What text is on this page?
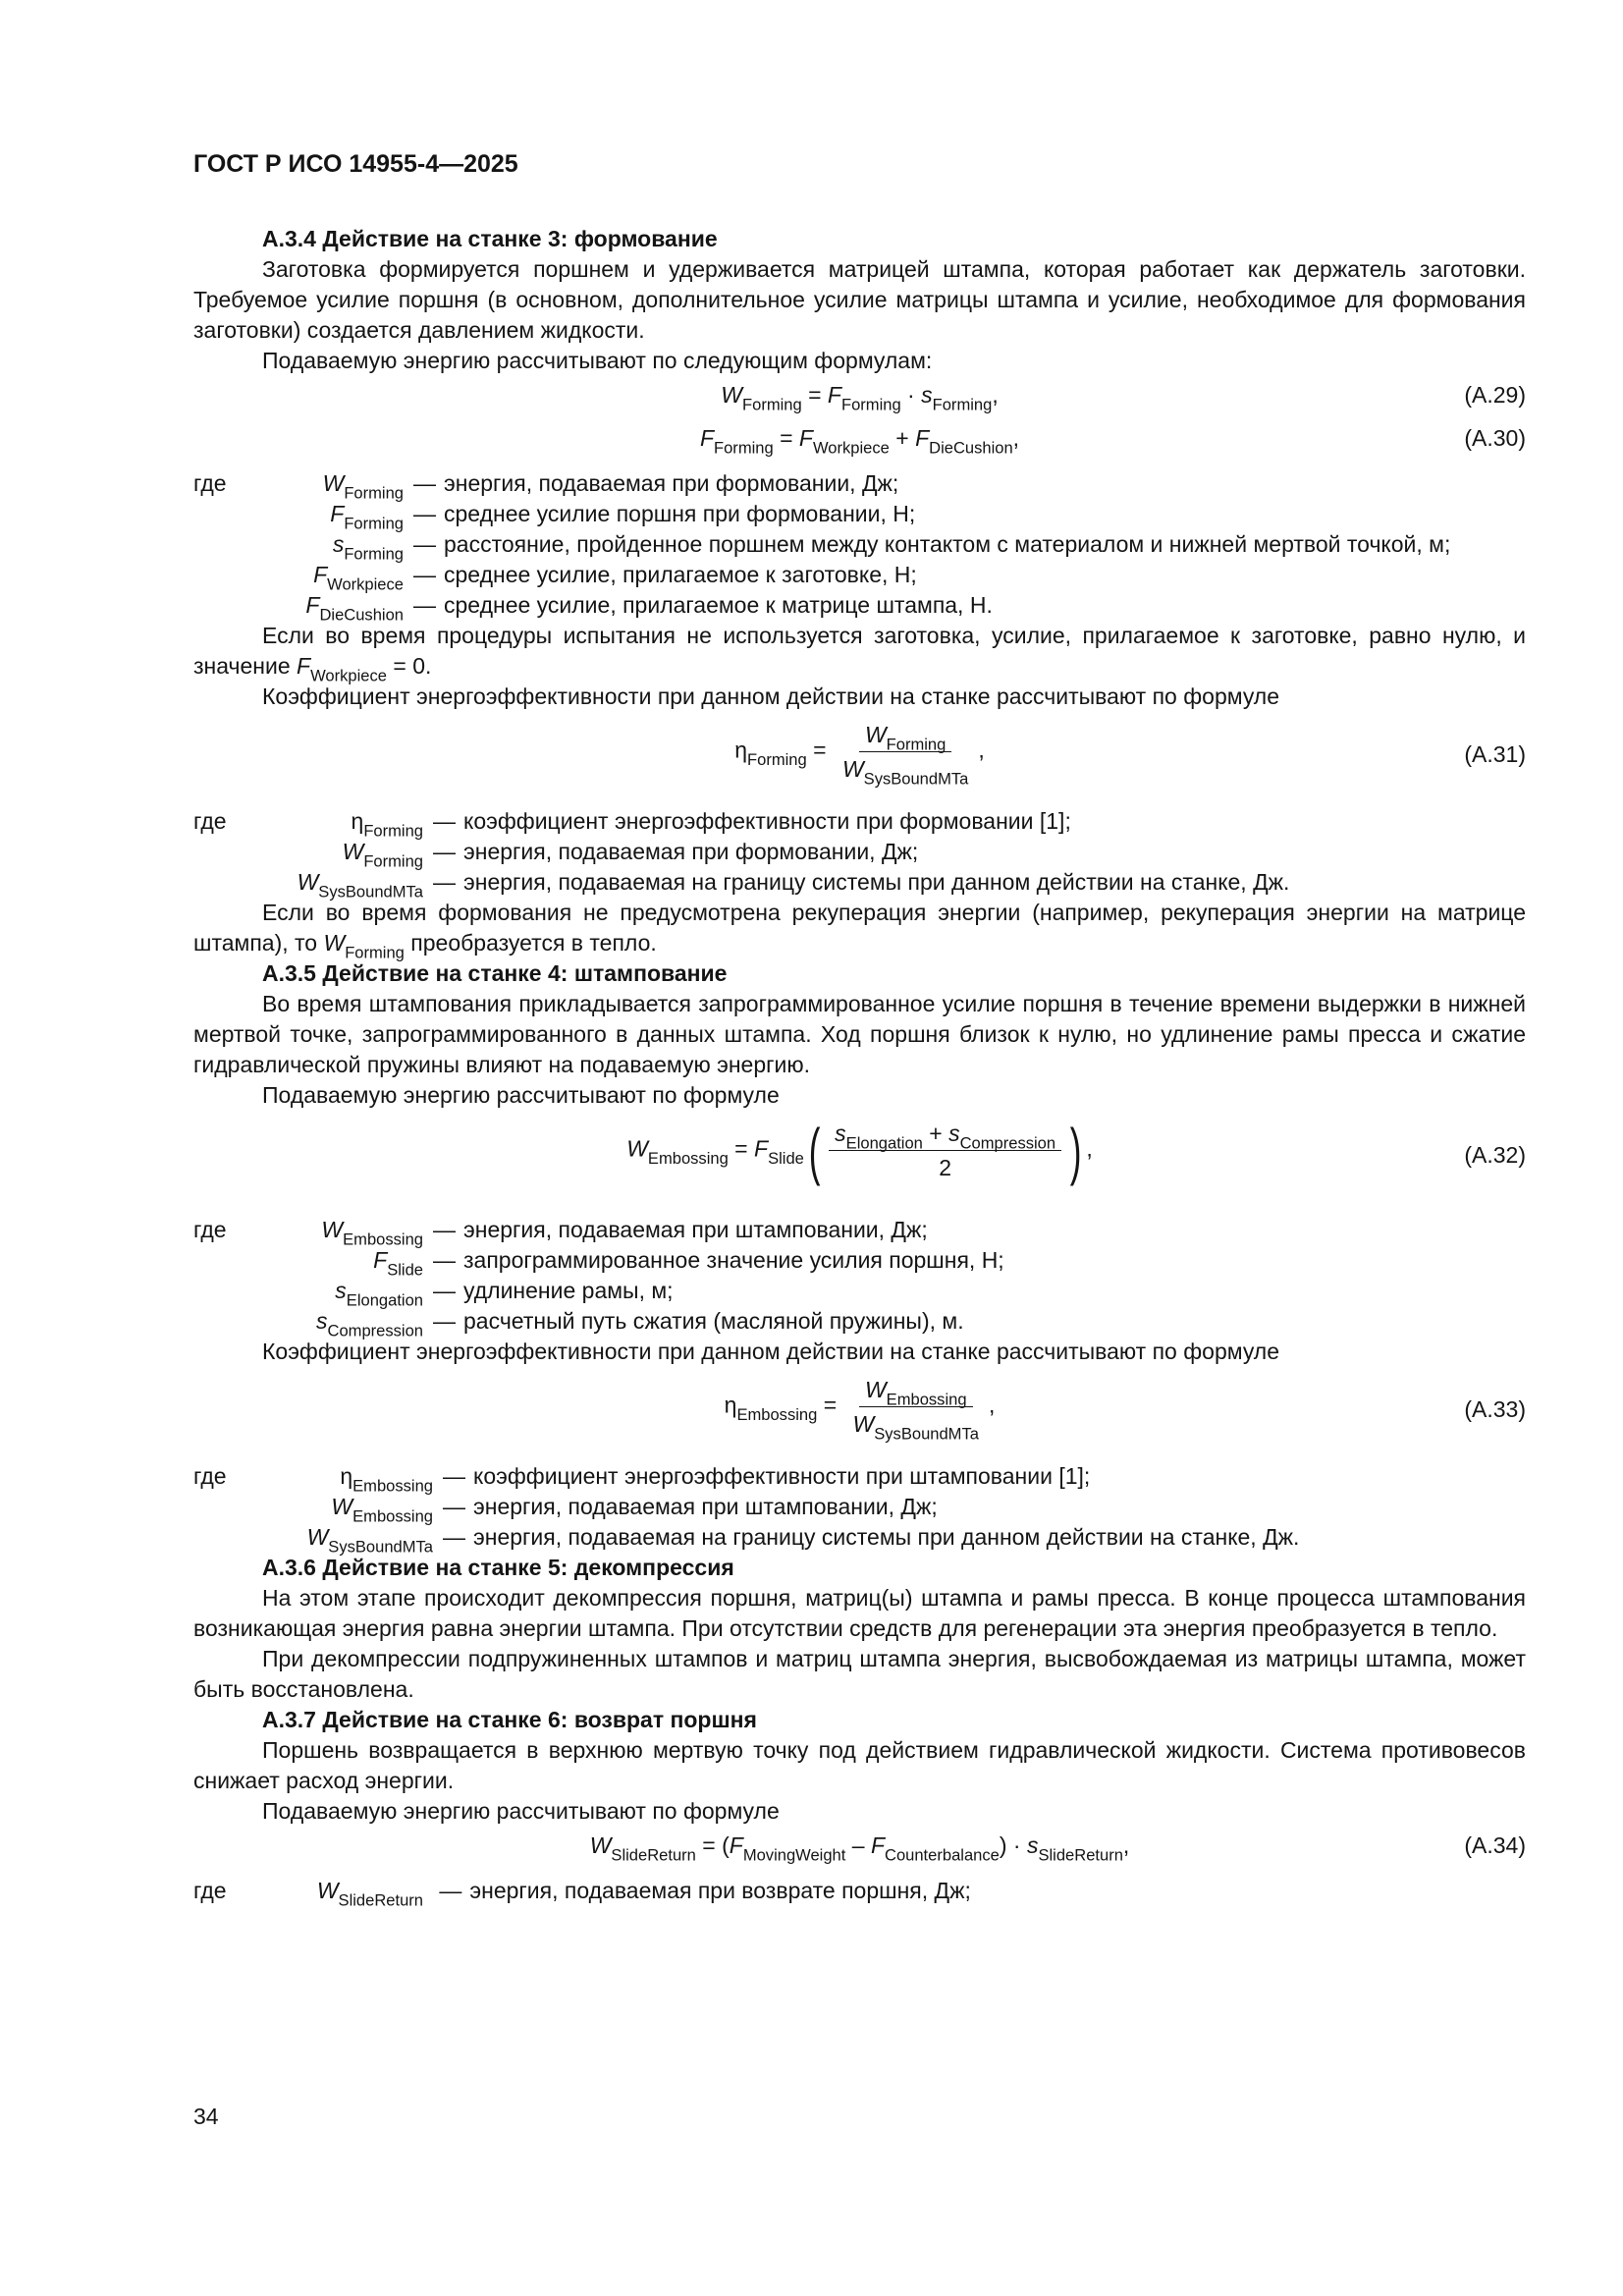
ГОСТ Р ИСО 14955-4—2025
А.3.4 Действие на станке 3: формование

Заготовка формируется поршнем и удерживается матрицей штампа, которая работает как держатель заготовки. Требуемое усилие поршня (в основном, дополнительное усилие матрицы штампа и усилие, необходимое для формования заготовки) создается давлением жидкости.

Подаваемую энергию рассчитывают по следующим формулам:

$W_{Forming} = F_{Forming} \cdot s_{Forming}$,	(А.29)
$F_{Forming} = F_{Workpiece} + F_{DieCushion}$,	(А.30)
где	$W_{Forming}$ — энергия, подаваемая при формовании, Дж;
$F_{Forming}$ — среднее усилие поршня при формовании, Н;
$s_{Forming}$ — расстояние, пройденное поршнем между контактом с материалом и нижней мертвой точкой, м;
$F_{Workpiece}$ — среднее усилие, прилагаемое к заготовке, Н;
$F_{DieCushion}$ — среднее усилие, прилагаемое к матрице штампа, Н.

Если во время процедуры испытания не используется заготовка, усилие, прилагаемое к заготовке, равно нулю, и значение $F_{Workpiece} = 0$.

Коэффициент энергоэффективности при данном действии на станке рассчитывают по формуле

$\eta_{Forming} = \frac{W_{Forming}}{W_{SysBoundMTa}}$ ,	(А.31)
где	$\eta_{Forming}$ — коэффициент энергоэффективности при формовании [1];
$W_{Forming}$ — энергия, подаваемая при формовании, Дж;
$W_{SysBoundMTa}$ — энергия, подаваемая на границу системы при данном действии на станке, Дж.

Если во время формования не предусмотрена рекуперация энергии (например, рекуперация энергии на матрице штампа), то $W_{Forming}$ преобразуется в тепло.

А.3.5 Действие на станке 4: штампование

Во время штампования прикладывается запрограммированное усилие поршня в течение времени выдержки в нижней мертвой точке, запрограммированного в данных штампа. Ход поршня близок к нулю, но удлинение рамы пресса и сжатие гидравлической пружины влияют на подаваемую энергию.

Подаваемую энергию рассчитывают по формуле

$W_{Embossing} = F_{Slide}( \frac{s_{Elongation} + s_{Compression}}{2}$ ) ,	(А.32)
где	$W_{Embossing}$ — энергия, подаваемая при штамповании, Дж;
$F_{Slide}$ — запрограммированное значение усилия поршня, Н;
$s_{Elongation}$ — удлинение рамы, м;
$s_{Compression}$ — расчетный путь сжатия (масляной пружины), м.

Коэффициент энергоэффективности при данном действии на станке рассчитывают по формуле

$\eta_{Embossing} = \frac{W_{Embossing}}{W_{SysBoundMTa}}$ ,	(А.33)
где	$\eta_{Embossing}$ — коэффициент энергоэффективности при штамповании [1];
$W_{Embossing}$ — энергия, подаваемая при штамповании, Дж;
$W_{SysBoundMTa}$ — энергия, подаваемая на границу системы при данном действии на станке, Дж.
А.3.6 Действие на станке 5: декомпрессия

На этом этапе происходит декомпрессия поршня, матриц(ы) штампа и рамы пресса. В конце процесса штампования возникающая энергия равна энергии штампа. При отсутствии средств для регенерации эта энергия преобразуется в тепло.

При декомпрессии подпружиненных штампов и матриц штампа энергия, высвобождаемая из матрицы штампа, может быть восстановлена.

А.3.7 Действие на станке 6: возврат поршня

Поршень возвращается в верхнюю мертвую точку под действием гидравлической жидкости. Система противовесов снижает расход энергии.

Подаваемую энергию рассчитывают по формуле

$W_{SlideReturn} = (F_{MovingWeight} - F_{Counterbalance}) \cdot s_{SlideReturn}$,	(А.34)
где	$W_{SlideReturn}$ — энергия, подаваемая при возврате поршня, Дж;
34
